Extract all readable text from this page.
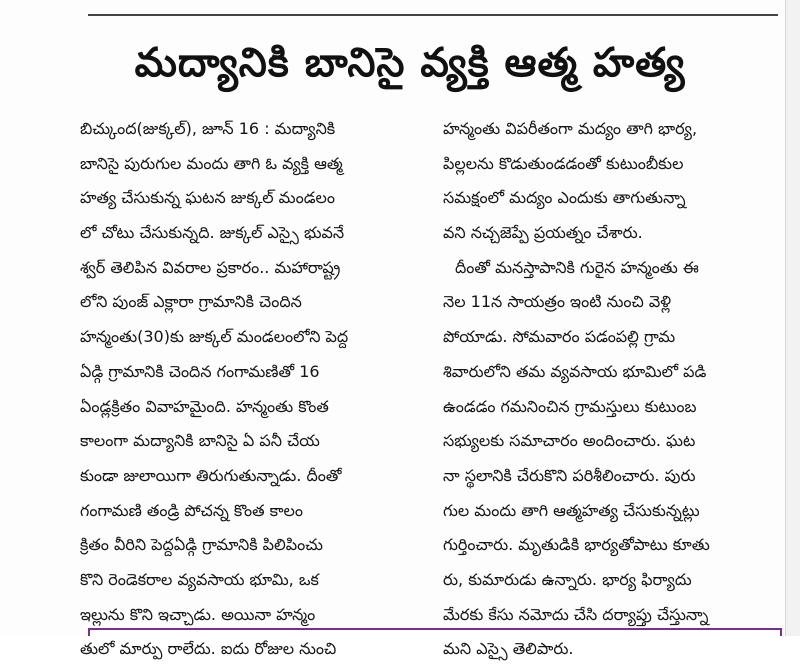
మద్యానికి బానిసై వ్యక్తి ఆత్మ హత్య
బిచ్కుంద(జుక్కల్), జూన్ 16 : మద్యానికి
బానిసై పురుగుల మందు తాగి ఓ వ్యక్తి ఆత్మ
హత్య చేసుకున్న ఘటన జుక్కల్ మండలం
లో చోటు చేసుకున్నది. జుక్కల్ ఎస్సై భువనే
శ్వర్ తెలిపిన వివరాల ప్రకారం.. మహారాష్ట్ర
లోని పుంజ్ ఎక్లారా గ్రామానికి చెందిన
హన్మంతు(30)కు జుక్కల్ మండలంలోని పెద్ద
ఏడ్గి గ్రామానికి చెందిన గంగామణితో 16
ఏండ్లక్రితం వివాహమైంది. హన్మంతు కొంత
కాలంగా మద్యానికి బానిసై ఏ పనీ చేయ
కుండా జులాయిగా తిరుగుతున్నాడు. దీంతో
గంగామణి తండ్రి పోచన్న కొంత కాలం
క్రితం వీరిని పెద్దఏడ్గి గ్రామానికి పిలిపించు
కొని రెండెకరాల వ్యవసాయ భూమి, ఒక
ఇల్లును కొని ఇచ్చాడు. అయినా హన్మం
తులో మార్పు రాలేదు. ఐదు రోజుల నుంచి
హన్మంతు విపరీతంగా మద్యం తాగి భార్య,
పిల్లలను కొడుతుండడంతో కుటుంబీకుల
సమక్షంలో మద్యం ఎందుకు తాగుతున్నా
వని నచ్చజెప్పే ప్రయత్నం చేశారు.
దీంతో మనస్తాపానికి గురైన హన్మంతు ఈ
నెల 11న సాయత్రం ఇంటి నుంచి వెళ్లి
పోయాడు. సోమవారం పడంపల్లి గ్రామ
శివారులోని తమ వ్యవసాయ భూమిలో పడి
ఉండడం గమనించిన గ్రామస్తులు కుటుంబ
సభ్యులకు సమాచారం అందించారు. ఘట
నా స్థలానికి చేరుకొని పరిశీలించారు. పురు
గుల మందు తాగి ఆత్మహత్య చేసుకున్నట్లు
గుర్తించారు. మృతుడికి భార్యతోపాటు కూతు
రు, కుమారుడు ఉన్నారు. భార్య ఫిర్యాదు
మేరకు కేసు నమోదు చేసి దర్యాప్తు చేస్తున్నా
మని ఎస్సై తెలిపారు.
